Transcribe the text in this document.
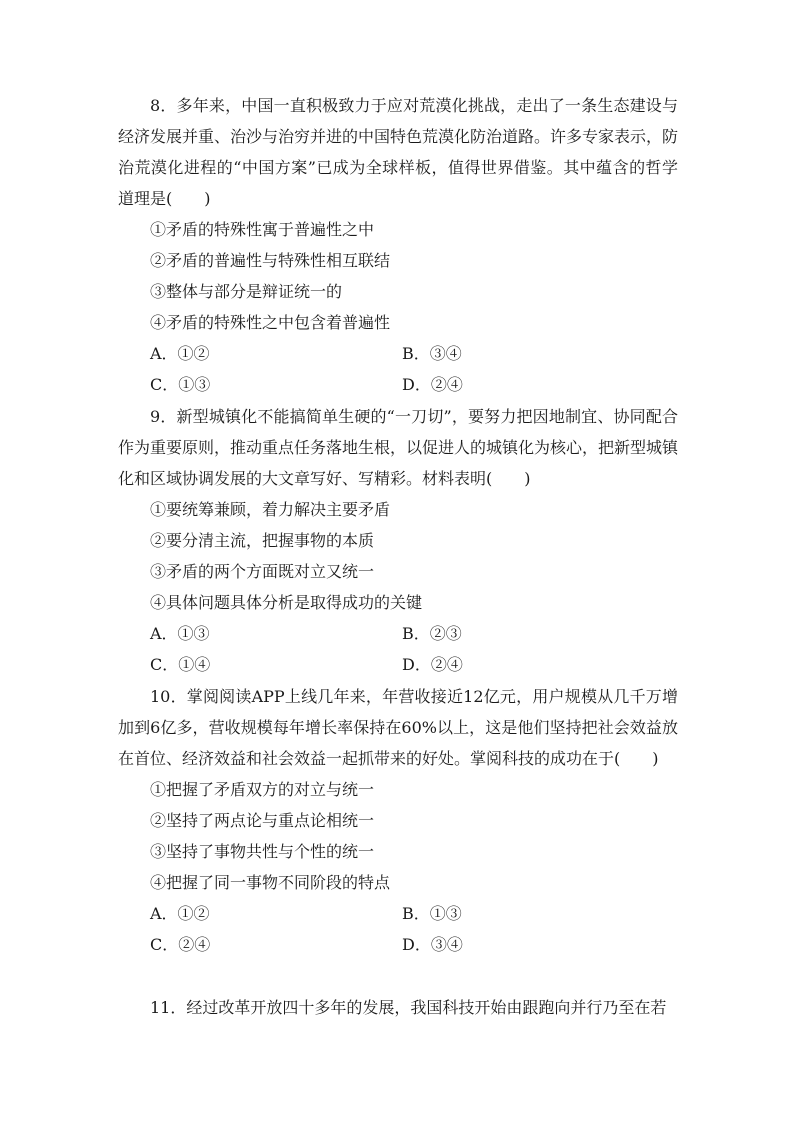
8．多年来，中国一直积极致力于应对荒漠化挑战，走出了一条生态建设与经济发展并重、治沙与治穷并进的中国特色荒漠化防治道路。许多专家表示，防治荒漠化进程的“中国方案”已成为全球样板，值得世界借鉴。其中蕴含的哲学道理是(　　)

①矛盾的特殊性寓于普遍性之中

②矛盾的普遍性与特殊性相互联结

③整体与部分是辩证统一的

④矛盾的特殊性之中包含着普遍性

A．①②	B．③④
C．①③	D．②④

9．新型城镇化不能搞简单生硬的“一刀切”，要努力把因地制宜、协同配合作为重要原则，推动重点任务落地生根，以促进人的城镇化为核心，把新型城镇化和区域协调发展的大文章写好、写精彩。材料表明(　　)

①要统筹兼顾，着力解决主要矛盾

②要分清主流，把握事物的本质

③矛盾的两个方面既对立又统一

④具体问题具体分析是取得成功的关键

A．①③	B．②③
C．①④	D．②④

10．掌阅阅读APP上线几年来，年营收接近12亿元，用户规模从几千万增加到6亿多，营收规模每年增长率保持在60%以上，这是他们坚持把社会效益放在首位、经济效益和社会效益一起抓带来的好处。掌阅科技的成功在于(　　)

①把握了矛盾双方的对立与统一

②坚持了两点论与重点论相统一

③坚持了事物共性与个性的统一

④把握了同一事物不同阶段的特点

A．①②	B．①③
C．②④	D．③④

11．经过改革开放四十多年的发展，我国科技开始由跟跑向并行乃至在若
